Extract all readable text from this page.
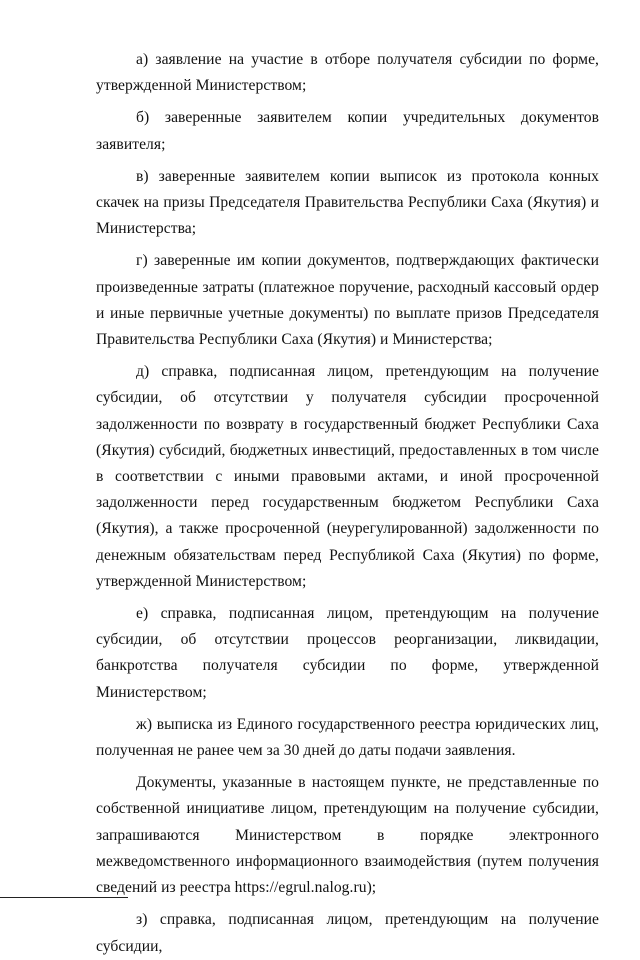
а) заявление на участие в отборе получателя субсидии по форме, утвержденной Министерством;

б) заверенные заявителем копии учредительных документов заявителя;

в) заверенные заявителем копии выписок из протокола конных скачек на призы Председателя Правительства Республики Саха (Якутия) и Министерства;

г) заверенные им копии документов, подтверждающих фактически произведенные затраты (платежное поручение, расходный кассовый ордер и иные первичные учетные документы) по выплате призов Председателя Правительства Республики Саха (Якутия) и Министерства;

д) справка, подписанная лицом, претендующим на получение субсидии, об отсутствии у получателя субсидии просроченной задолженности по возврату в государственный бюджет Республики Саха (Якутия) субсидий, бюджетных инвестиций, предоставленных в том числе в соответствии с иными правовыми актами, и иной просроченной задолженности перед государственным бюджетом Республики Саха (Якутия), а также просроченной (неурегулированной) задолженности по денежным обязательствам перед Республикой Саха (Якутия) по форме, утвержденной Министерством;

е) справка, подписанная лицом, претендующим на получение субсидии, об отсутствии процессов реорганизации, ликвидации, банкротства получателя субсидии по форме, утвержденной Министерством;

ж) выписка из Единого государственного реестра юридических лиц, полученная не ранее чем за 30 дней до даты подачи заявления.

Документы, указанные в настоящем пункте, не представленные по собственной инициативе лицом, претендующим на получение субсидии, запрашиваются Министерством в порядке электронного межведомственного информационного взаимодействия (путем получения сведений из реестра https://egrul.nalog.ru);

з) справка, подписанная лицом, претендующим на получение субсидии,
